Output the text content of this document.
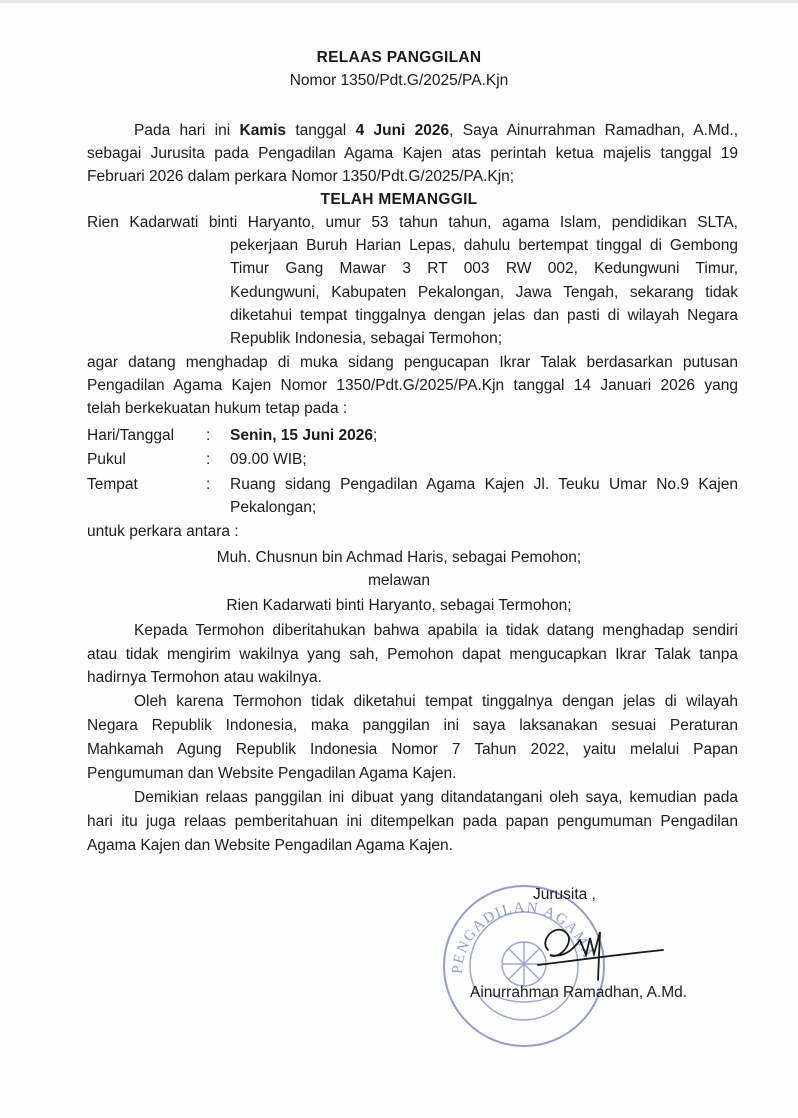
RELAAS PANGGILAN
Nomor 1350/Pdt.G/2025/PA.Kjn
Pada hari ini Kamis tanggal 4 Juni 2026, Saya Ainurrahman Ramadhan, A.Md.,
sebagai Jurusita pada Pengadilan Agama Kajen atas perintah ketua majelis tanggal 19
Februari 2026 dalam perkara Nomor 1350/Pdt.G/2025/PA.Kjn;
TELAH MEMANGGIL
Rien Kadarwati binti Haryanto, umur 53 tahun tahun, agama Islam, pendidikan SLTA,
pekerjaan Buruh Harian Lepas, dahulu bertempat tinggal di Gembong
Timur Gang Mawar 3 RT 003 RW 002, Kedungwuni Timur,
Kedungwuni, Kabupaten Pekalongan, Jawa Tengah, sekarang tidak
diketahui tempat tinggalnya dengan jelas dan pasti di wilayah Negara
Republik Indonesia, sebagai Termohon;
agar datang menghadap di muka sidang pengucapan Ikrar Talak berdasarkan putusan
Pengadilan Agama Kajen Nomor 1350/Pdt.G/2025/PA.Kjn tanggal 14 Januari 2026 yang
telah berkekuatan hukum tetap pada :
Hari/Tanggal : Senin, 15 Juni 2026;
Pukul	: 09.00 WIB;
Tempat	: Ruang sidang Pengadilan Agama Kajen Jl. Teuku Umar No.9 Kajen
Pekalongan;
untuk perkara antara :
Muh. Chusnun bin Achmad Haris, sebagai Pemohon;
melawan
Rien Kadarwati binti Haryanto, sebagai Termohon;
Kepada Termohon diberitahukan bahwa apabila ia tidak datang menghadap sendiri
atau tidak mengirim wakilnya yang sah, Pemohon dapat mengucapkan Ikrar Talak tanpa
hadirnya Termohon atau wakilnya.
Oleh karena Termohon tidak diketahui tempat tinggalnya dengan jelas di wilayah
Negara Republik Indonesia, maka panggilan ini saya laksanakan sesuai Peraturan
Mahkamah Agung Republik Indonesia Nomor 7 Tahun 2022, yaitu melalui Papan
Pengumuman dan Website Pengadilan Agama Kajen.
Demikian relaas panggilan ini dibuat yang ditandatangani oleh saya, kemudian pada
hari itu juga relaas pemberitahuan ini ditempelkan pada papan pengumuman Pengadilan
Agama Kajen dan Website Pengadilan Agama Kajen.
PENGADILAN AGAMA
Jurusita ,
Ainurrahman Ramadhan, A.Md.
